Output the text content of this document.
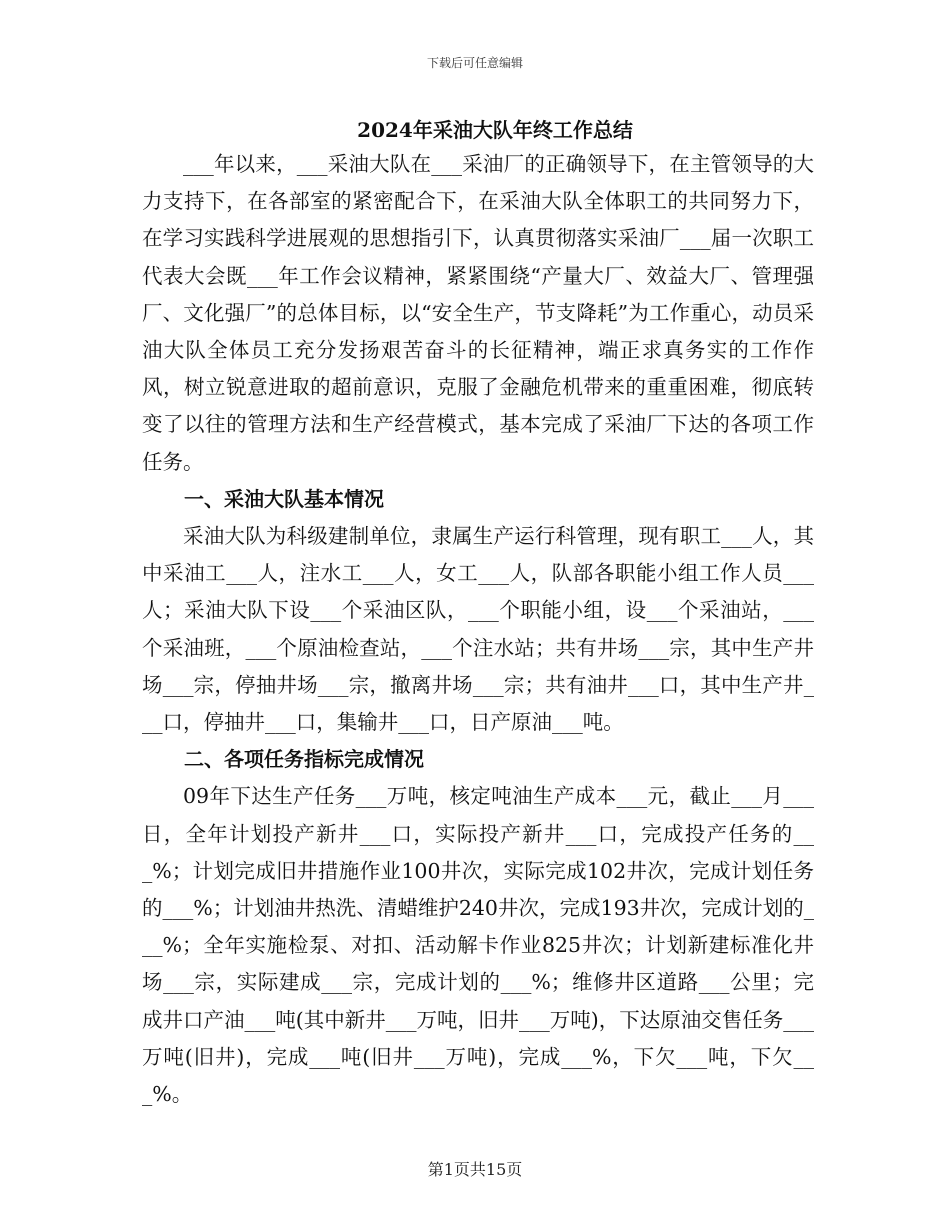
下载后可任意编辑
2024年采油大队年终工作总结

___年以来，___采油大队在___采油厂的正确领导下，在主管领导的大力支持下，在各部室的紧密配合下，在采油大队全体职工的共同努力下，在学习实践科学进展观的思想指引下，认真贯彻落实采油厂___届一次职工代表大会既___年工作会议精神，紧紧围绕“产量大厂、效益大厂、管理强厂、文化强厂”的总体目标，以“安全生产，节支降耗”为工作重心，动员采油大队全体员工充分发扬艰苦奋斗的长征精神，端正求真务实的工作作风，树立锐意进取的超前意识，克服了金融危机带来的重重困难，彻底转变了以往的管理方法和生产经营模式，基本完成了采油厂下达的各项工作任务。

一、采油大队基本情况

采油大队为科级建制单位，隶属生产运行科管理，现有职工___人，其中采油工___人，注水工___人，女工___人，队部各职能小组工作人员___人；采油大队下设___个采油区队，___个职能小组，设___个采油站，___个采油班，___个原油检查站，___个注水站；共有井场___宗，其中生产井场___宗，停抽井场___宗，撤离井场___宗；共有油井___口，其中生产井___口，停抽井___口，集输井___口，日产原油___吨。

二、各项任务指标完成情况

09年下达生产任务___万吨，核定吨油生产成本___元，截止___月___日，全年计划投产新井___口，实际投产新井___口，完成投产任务的___%；计划完成旧井措施作业100井次，实际完成102井次，完成计划任务的___%；计划油井热洗、清蜡维护240井次，完成193井次，完成计划的___%；全年实施检泵、对扣、活动解卡作业825井次；计划新建标准化井场___宗，实际建成___宗，完成计划的___%；维修井区道路___公里；完成井口产油___吨(其中新井___万吨，旧井___万吨)，下达原油交售任务___万吨(旧井)，完成___吨(旧井___万吨)，完成___%，下欠___吨，下欠___%。

第1页共15页
